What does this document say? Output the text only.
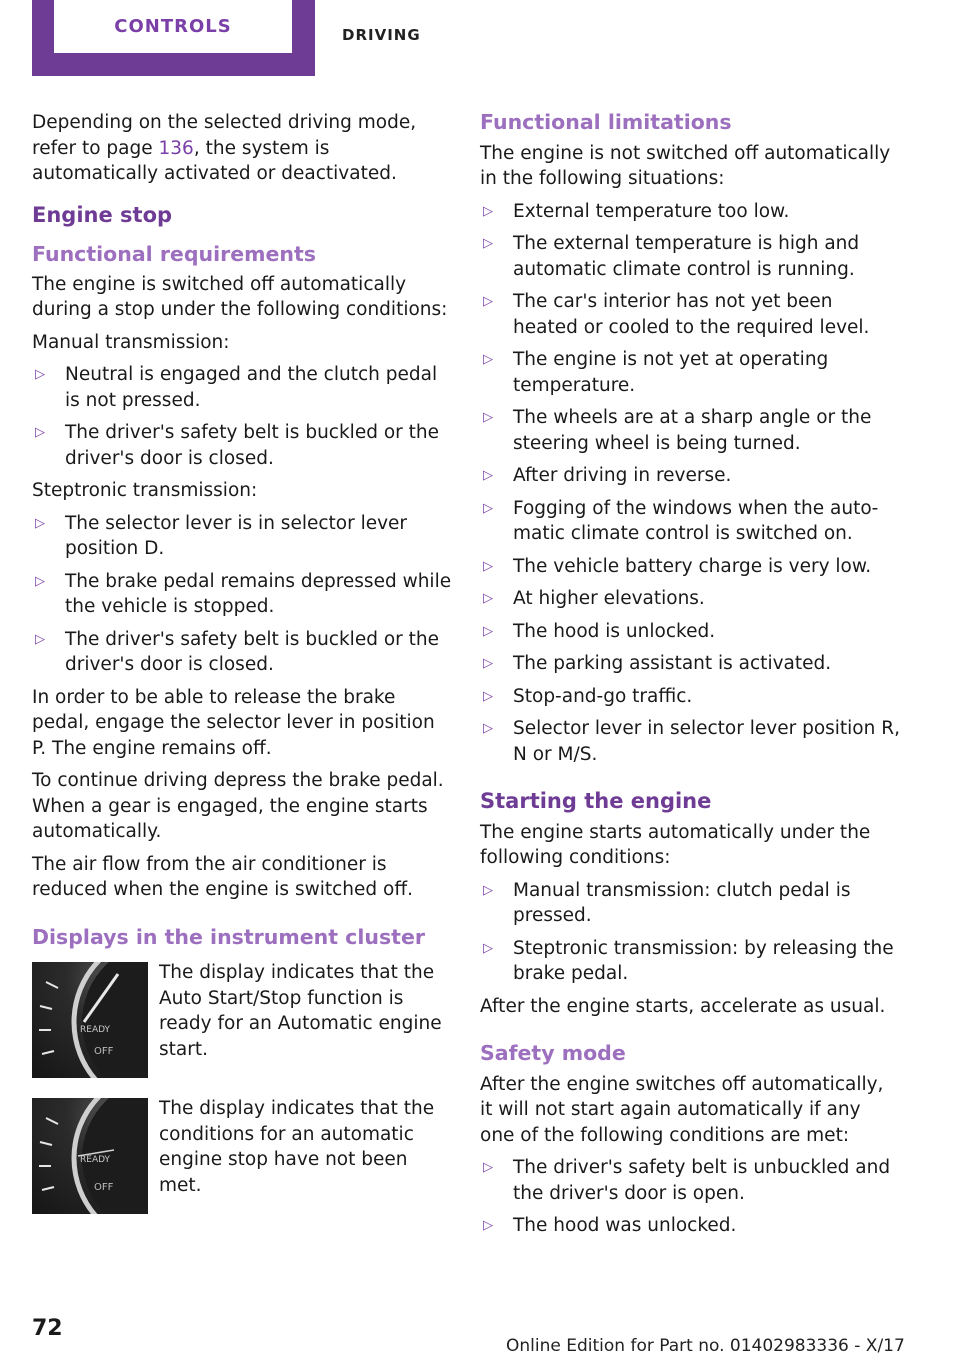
CONTROLS	DRIVING

Depending on the selected driving mode, refer to page 136, the system is automatically activated or deactivated.

Engine stop
Functional requirements

The engine is switched off automatically during a stop under the following conditions:

Manual transmission:

▷ Neutral is engaged and the clutch pedal is not pressed.
▷ The driver's safety belt is buckled or the driver's door is closed.

Steptronic transmission:

▷ The selector lever is in selector lever position D.
▷ The brake pedal remains depressed while the vehicle is stopped.
▷ The driver's safety belt is buckled or the driver's door is closed.

In order to be able to release the brake pedal, engage the selector lever in position P. The engine remains off.

To continue driving depress the brake pedal. When a gear is engaged, the engine starts automatically.

The air flow from the air conditioner is reduced when the engine is switched off.

Displays in the instrument cluster
READY
OFF
The display indicates that the Auto Start/Stop function is ready for an Automatic engine start.
READY
OFF
The display indicates that the conditions for an automatic engine stop have not been met.
Functional limitations

The engine is not switched off automatically in the following situations:

▷ External temperature too low.
▷ The external temperature is high and automatic climate control is running.
▷ The car's interior has not yet been heated or cooled to the required level.
▷ The engine is not yet at operating temperature.
▷ The wheels are at a sharp angle or the steering wheel is being turned.
▷ After driving in reverse.
▷ Fogging of the windows when the automatic climate control is switched on.
▷ The vehicle battery charge is very low.
▷ At higher elevations.
▷ The hood is unlocked.
▷ The parking assistant is activated.
▷ Stop-and-go traffic.
▷ Selector lever in selector lever position R, N or M/S.
Starting the engine

The engine starts automatically under the following conditions:

▷ Manual transmission: clutch pedal is pressed.
▷ Steptronic transmission: by releasing the brake pedal.

After the engine starts, accelerate as usual.

Safety mode

After the engine switches off automatically, it will not start again automatically if any one of the following conditions are met:

▷ The driver's safety belt is unbuckled and the driver's door is open.
▷ The hood was unlocked.
72
Online Edition for Part no. 01402983336 - X/17
